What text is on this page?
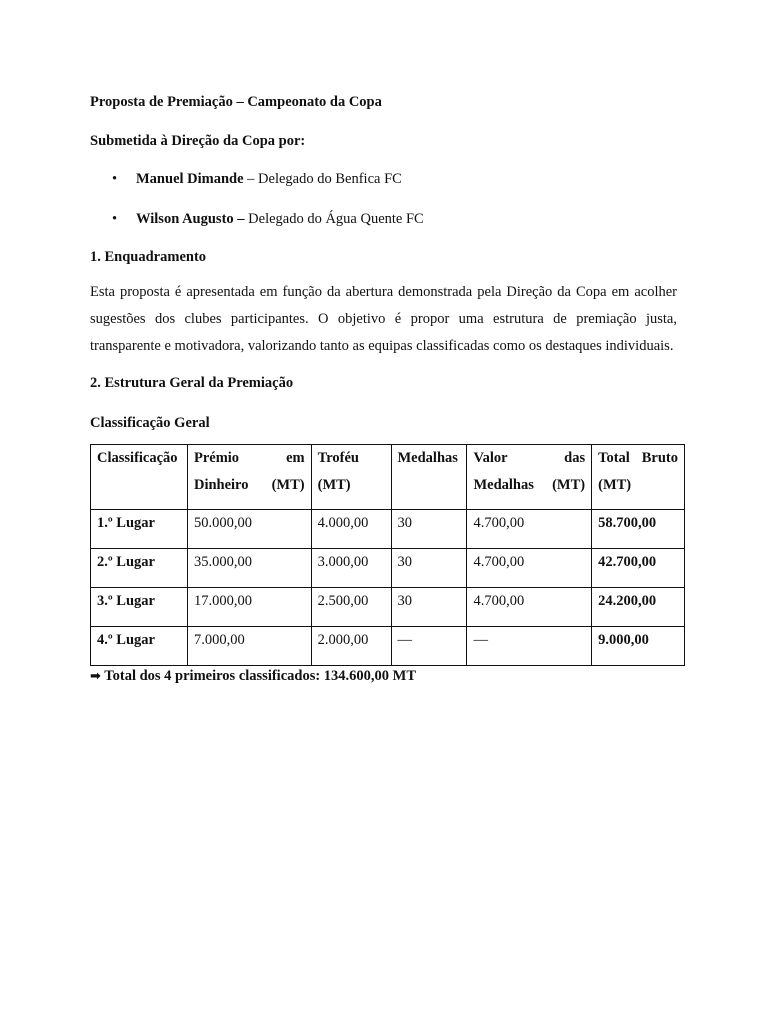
Proposta de Premiação – Campeonato da Copa

Submetida à Direção da Copa por:

• Manuel Dimande – Delegado do Benfica FC
• Wilson Augusto – Delegado do Água Quente FC

1. Enquadramento

Esta proposta é apresentada em função da abertura demonstrada pela Direção da Copa em acolher sugestões dos clubes participantes. O objetivo é propor uma estrutura de premiação justa, transparente e motivadora, valorizando tanto as equipas classificadas como os destaques individuais.

2. Estrutura Geral da Premiação

Classificação Geral

Classificação	Prémio em Dinheiro (MT)	Troféu (MT)	Medalhas	Valor das Medalhas (MT)	Total Bruto (MT)
1.º Lugar	50.000,00	4.000,00	30	4.700,00	58.700,00
2.º Lugar	35.000,00	3.000,00	30	4.700,00	42.700,00
3.º Lugar	17.000,00	2.500,00	30	4.700,00	24.200,00
4.º Lugar	7.000,00	2.000,00	—	—	9.000,00

➡ Total dos 4 primeiros classificados: 134.600,00 MT
